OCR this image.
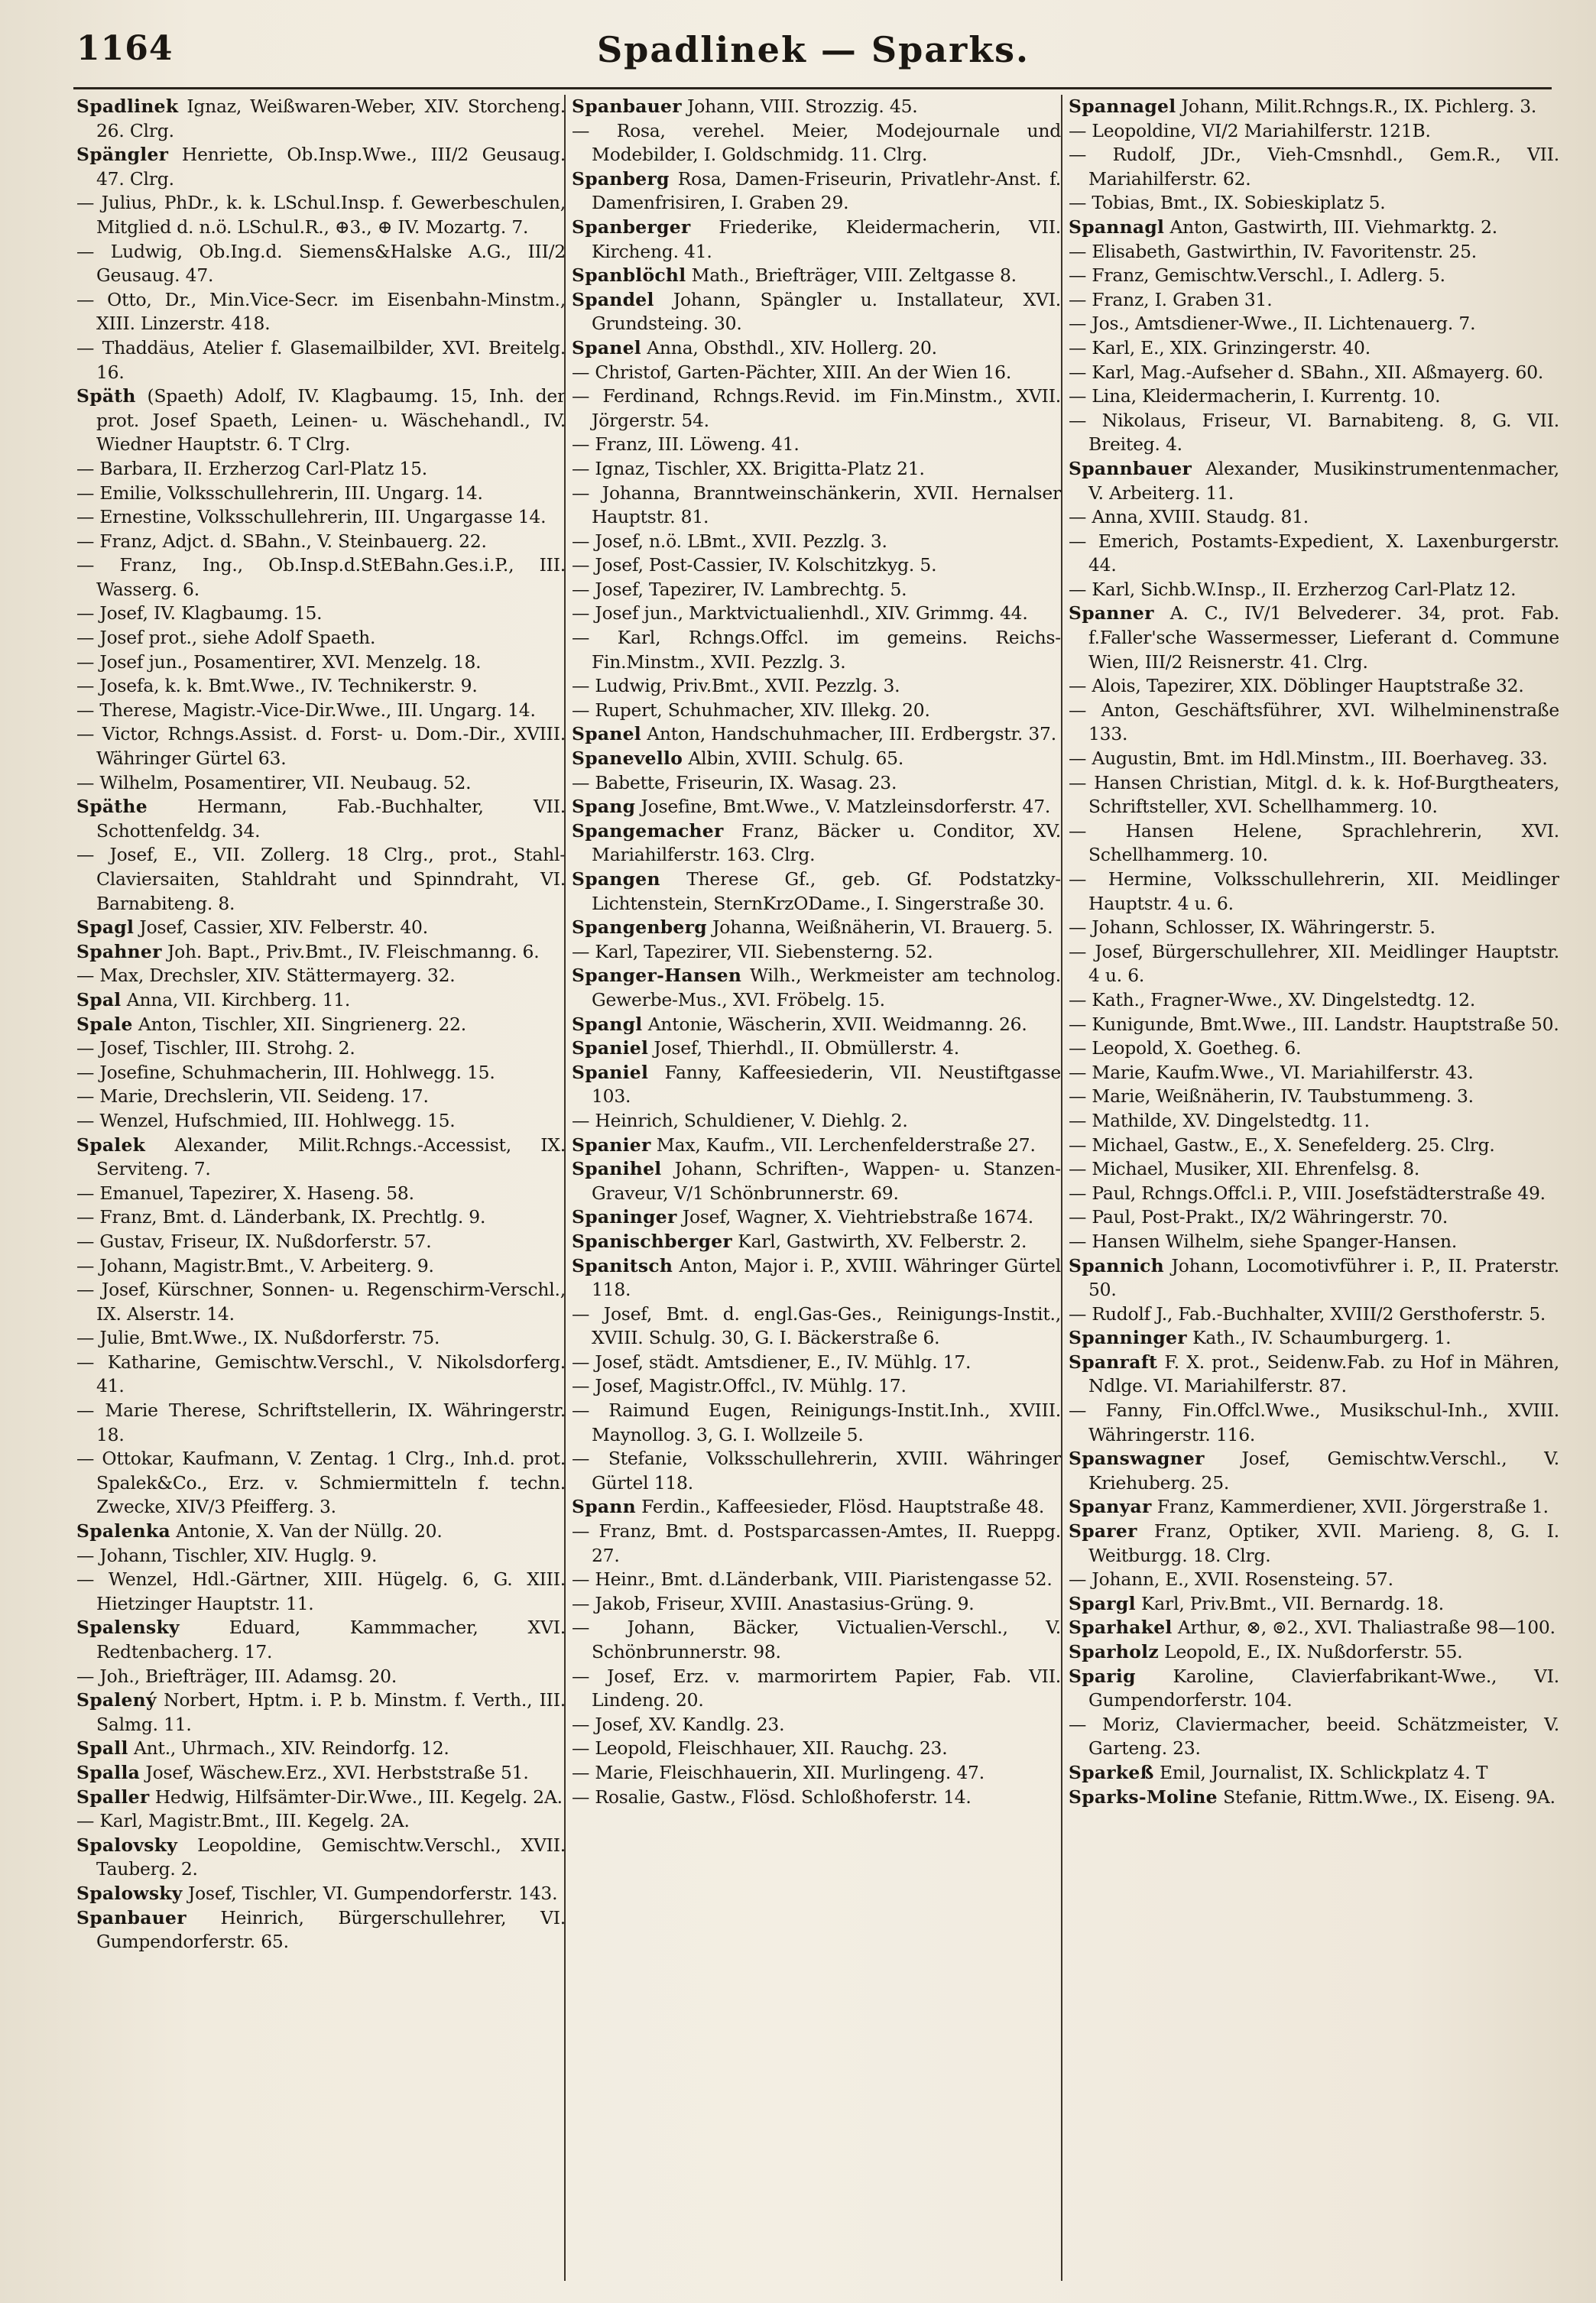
1164	Spadlinek — Sparks.

Spadlinek Ignaz, Weißwaren-Weber, XIV. Storcheng. 26. Clrg.

Spängler Henriette, Ob.Insp.Wwe., III/2 Geusaug. 47. Clrg.

— Julius, PhDr., k. k. LSchul.Insp. f. Gewerbeschulen, Mitglied d. n.ö. LSchul.R., ⊕3., ⊕ IV. Mozartg. 7.

— Ludwig, Ob.Ing.d. Siemens&Halske A.G., III/2 Geusaug. 47.

— Otto, Dr., Min.Vice-Secr. im Eisenbahn-Minstm., XIII. Linzerstr. 418.

— Thaddäus, Atelier f. Glasemailbilder, XVI. Breitelg. 16.

Späth (Spaeth) Adolf, IV. Klagbaumg. 15, Inh. der prot. Josef Spaeth, Leinen- u. Wäschehandl., IV. Wiedner Hauptstr. 6. T Clrg.

— Barbara, II. Erzherzog Carl-Platz 15.

— Emilie, Volksschullehrerin, III. Ungarg. 14.

— Ernestine, Volksschullehrerin, III. Ungargasse 14.

— Franz, Adjct. d. SBahn., V. Steinbauerg. 22.

— Franz, Ing., Ob.Insp.d.StEBahn.Ges.i.P., III. Wasserg. 6.

— Josef, IV. Klagbaumg. 15.

— Josef prot., siehe Adolf Spaeth.

— Josef jun., Posamentirer, XVI. Menzelg. 18.

— Josefa, k. k. Bmt.Wwe., IV. Technikerstr. 9.

— Therese, Magistr.-Vice-Dir.Wwe., III. Ungarg. 14.

— Victor, Rchngs.Assist. d. Forst- u. Dom.-Dir., XVIII. Währinger Gürtel 63.

— Wilhelm, Posamentirer, VII. Neubaug. 52.

Späthe	Hermann, Fab.-Buchhalter, VII. Schottenfeldg. 34.

— Josef, E., VII. Zollerg. 18 Clrg., prot., Stahl-Claviersaiten, Stahldraht und Spinndraht, VI. Barnabiteng. 8.

Spagl Josef, Cassier, XIV. Felberstr. 40.

Spahner Joh. Bapt., Priv.Bmt., IV. Fleischmanng. 6.

— Max, Drechsler, XIV. Stättermayerg. 32.

Spal Anna, VII. Kirchberg. 11.

Spale Anton, Tischler, XII. Singrienerg. 22.

— Josef, Tischler, III. Strohg. 2.

— Josefine, Schuhmacherin, III. Hohlwegg. 15.

— Marie, Drechslerin, VII. Seideng. 17.

— Wenzel, Hufschmied, III. Hohlwegg. 15.

Spalek Alexander, Milit.Rchngs.-Accessist, IX. Serviteng. 7.

— Emanuel, Tapezirer, X. Haseng. 58.

— Franz, Bmt. d. Länderbank, IX. Prechtlg. 9.

— Gustav, Friseur, IX. Nußdorferstr. 57.

— Johann, Magistr.Bmt., V. Arbeiterg. 9.

— Josef, Kürschner, Sonnen- u. Regenschirm-Verschl., IX. Alserstr. 14.

— Julie, Bmt.Wwe., IX. Nußdorferstr. 75.

— Katharine, Gemischtw.Verschl., V. Nikolsdorferg. 41.

— Marie Therese, Schriftstellerin, IX. Währingerstr. 18.

— Ottokar, Kaufmann, V. Zentag. 1 Clrg., Inh.d. prot. Spalek&Co., Erz. v. Schmiermitteln f. techn. Zwecke, XIV/3 Pfeifferg. 3.

Spalenka Antonie, X. Van der Nüllg. 20.

— Johann, Tischler, XIV. Huglg. 9.

— Wenzel, Hdl.-Gärtner, XIII. Hügelg. 6, G. XIII. Hietzinger Hauptstr. 11.

Spalensky	Eduard, Kammmacher, XVI. Redtenbacherg. 17.

— Joh., Briefträger, III. Adamsg. 20.

Spalený Norbert, Hptm. i. P. b. Minstm. f. Verth., III. Salmg. 11.

Spall Ant., Uhrmach., XIV. Reindorfg. 12.

Spalla Josef, Wäschew.Erz., XVI. Herbststraße 51.

Spaller Hedwig, Hilfsämter-Dir.Wwe., III. Kegelg. 2A.

— Karl, Magistr.Bmt., III. Kegelg. 2A.

Spalovsky Leopoldine, Gemischtw.Verschl., XVII. Tauberg. 2.

Spalowsky Josef, Tischler, VI. Gumpendorferstr. 143.

Spanbauer Heinrich, Bürgerschullehrer, VI. Gumpendorferstr. 65.

Spanbauer Johann, VIII. Strozzig. 45.

— Rosa, verehel. Meier, Modejournale und Modebilder, I. Goldschmidg. 11. Clrg.

Spanberg Rosa, Damen-Friseurin, Privatlehr-Anst. f. Damenfrisiren, I. Graben 29.

Spanberger Friederike, Kleidermacherin, VII. Kircheng. 41.

Spanblöchl Math., Briefträger, VIII. Zeltgasse 8.

Spandel Johann, Spängler u. Installateur, XVI. Grundsteing. 30.

Spanel Anna, Obsthdl., XIV. Hollerg. 20.

— Christof, Garten-Pächter, XIII. An der Wien 16.

— Ferdinand, Rchngs.Revid. im Fin.Minstm., XVII. Jörgerstr. 54.

— Franz, III. Löweng. 41.

— Ignaz, Tischler, XX. Brigitta-Platz 21.

— Johanna, Branntweinschänkerin, XVII. Hernalser Hauptstr. 81.

— Josef, n.ö. LBmt., XVII. Pezzlg. 3.

— Josef, Post-Cassier, IV. Kolschitzkyg. 5.

— Josef, Tapezirer, IV. Lambrechtg. 5.

— Josef jun., Marktvictualienhdl., XIV. Grimmg. 44.

— Karl, Rchngs.Offcl. im gemeins. Reichs-Fin.Minstm., XVII. Pezzlg. 3.

— Ludwig, Priv.Bmt., XVII. Pezzlg. 3.

— Rupert, Schuhmacher, XIV. Illekg. 20.

Spanel Anton, Handschuhmacher, III. Erdbergstr. 37.

Spanevello Albin, XVIII. Schulg. 65.

— Babette, Friseurin, IX. Wasag. 23.

Spang Josefine, Bmt.Wwe., V. Matzleinsdorferstr. 47.

Spangemacher Franz, Bäcker u. Conditor, XV. Mariahilferstr. 163. Clrg.

Spangen Therese Gf., geb. Gf. Podstatzky-Lichtenstein, SternKrzODame., I. Singerstraße 30.

Spangenberg Johanna, Weißnäherin, VI. Brauerg. 5.

— Karl, Tapezirer, VII. Siebensterng. 52.

Spanger-Hansen Wilh., Werkmeister am technolog. Gewerbe-Mus., XVI. Fröbelg. 15.

Spangl Antonie, Wäscherin, XVII. Weidmanng. 26.

Spaniel Josef, Thierhdl., II. Obmüllerstr. 4.

Spaniel Fanny, Kaffeesiederin, VII. Neustiftgasse 103.

— Heinrich, Schuldiener, V. Diehlg. 2.

Spanier Max, Kaufm., VII. Lerchenfelderstraße 27.

Spanihel Johann, Schriften-, Wappen- u. Stanzen-Graveur, V/1 Schönbrunnerstr. 69.

Spaninger Josef, Wagner, X. Viehtriebstraße 1674.

Spanischberger Karl, Gastwirth, XV. Felberstr. 2.

Spanitsch Anton, Major i. P., XVIII. Währinger Gürtel 118.

— Josef, Bmt. d. engl.Gas-Ges., Reinigungs-Instit., XVIII. Schulg. 30, G. I. Bäckerstraße 6.

— Josef, städt. Amtsdiener, E., IV. Mühlg. 17.

— Josef, Magistr.Offcl., IV. Mühlg. 17.

— Raimund Eugen, Reinigungs-Instit.Inh., XVIII. Maynollog. 3, G. I. Wollzeile 5.

— Stefanie, Volksschullehrerin, XVIII. Währinger Gürtel 118.

Spann Ferdin., Kaffeesieder, Flösd. Hauptstraße 48.

— Franz, Bmt. d. Postsparcassen-Amtes, II. Rueppg. 27.

— Heinr., Bmt. d.Länderbank, VIII. Piaristengasse 52.

— Jakob, Friseur, XVIII. Anastasius-Grüng. 9.

— Johann, Bäcker, Victualien-Verschl., V. Schönbrunnerstr. 98.

— Josef, Erz. v. marmorirtem Papier, Fab. VII. Lindeng. 20.

— Josef, XV. Kandlg. 23.

— Leopold, Fleischhauer, XII. Rauchg. 23.

— Marie, Fleischhauerin, XII. Murlingeng. 47.

— Rosalie, Gastw., Flösd. Schloßhoferstr. 14.

Spannagel Johann, Milit.Rchngs.R., IX. Pichlerg. 3.

— Leopoldine, VI/2 Mariahilferstr. 121B.

— Rudolf, JDr., Vieh-Cmsnhdl., Gem.R., VII. Mariahilferstr. 62.

— Tobias, Bmt., IX. Sobieskiplatz 5.

Spannagl Anton, Gastwirth, III. Viehmarktg. 2.

— Elisabeth, Gastwirthin, IV. Favoritenstr. 25.

— Franz, Gemischtw.Verschl., I. Adlerg. 5.

— Franz, I. Graben 31.

— Jos., Amtsdiener-Wwe., II. Lichtenauerg. 7.

— Karl, E., XIX. Grinzingerstr. 40.

— Karl, Mag.-Aufseher d. SBahn., XII. Aßmayerg. 60.

— Lina, Kleidermacherin, I. Kurrentg. 10.

— Nikolaus, Friseur, VI. Barnabiteng. 8, G. VII. Breiteg. 4.

Spannbauer Alexander, Musikinstrumentenmacher, V. Arbeiterg. 11.

— Anna, XVIII. Staudg. 81.

— Emerich, Postamts-Expedient, X. Laxenburgerstr. 44.

— Karl, Sichb.W.Insp., II. Erzherzog Carl-Platz 12.

Spanner A. C., IV/1 Belvederег. 34, prot. Fab. f.Faller'sche Wassermesser, Lieferant d. Commune Wien, III/2 Reisnerstr. 41. Clrg.

— Alois, Tapezirer, XIX. Döblinger Hauptstraße 32.

— Anton, Geschäftsführer, XVI. Wilhelminenstraße 133.

— Augustin, Bmt. im Hdl.Minstm., III. Boerhaveg. 33.

— Hansen Christian, Mitgl. d. k. k. Hof-Burgtheaters, Schriftsteller, XVI. Schellhammerg. 10.

— Hansen Helene, Sprachlehrerin, XVI. Schellhammerg. 10.

— Hermine, Volksschullehrerin, XII. Meidlinger Hauptstr. 4 u. 6.

— Johann, Schlosser, IX. Währingerstr. 5.

— Josef, Bürgerschullehrer, XII. Meidlinger Hauptstr. 4 u. 6.

— Kath., Fragner-Wwe., XV. Dingelstedtg. 12.

— Kunigunde, Bmt.Wwe., III. Landstr. Hauptstraße 50.

— Leopold, X. Goetheg. 6.

— Marie, Kaufm.Wwe., VI. Mariahilferstr. 43.

— Marie, Weißnäherin, IV. Taubstummeng. 3.

— Mathilde, XV. Dingelstedtg. 11.

— Michael, Gastw., E., X. Senefelderg. 25. Clrg.

— Michael, Musiker, XII. Ehrenfelsg. 8.

— Paul, Rchngs.Offcl.i. P., VIII. Josefstädterstraße 49.

— Paul, Post-Prakt., IX/2 Währingerstr. 70.

— Hansen Wilhelm, siehe Spanger-Hansen.

Spannich Johann, Locomotivführer i. P., II. Praterstr. 50.

— Rudolf J., Fab.-Buchhalter, XVIII/2 Gersthoferstr. 5.

Spanninger Kath., IV. Schaumburgerg. 1.

Spanraft F. X. prot., Seidenw.Fab. zu Hof in Mähren, Ndlge. VI. Mariahilferstr. 87.

— Fanny, Fin.Offcl.Wwe., Musikschul-Inh., XVIII. Währingerstr. 116.

Spanswagner Josef, Gemischtw.Verschl., V. Kriehuberg. 25.

Spanyar Franz, Kammerdiener, XVII. Jörgerstraße 1.

Sparer Franz, Optiker, XVII. Marieng. 8, G. I. Weitburgg. 18. Clrg.

— Johann, E., XVII. Rosensteing. 57.

Spargl Karl, Priv.Bmt., VII. Bernardg. 18.

Sparhakel Arthur, ⊗, ⊚2., XVI. Thaliastraße 98—100.

Sparholz Leopold, E., IX. Nußdorferstr. 55.

Sparig Karoline, Clavierfabrikant-Wwe., VI. Gumpendorferstr. 104.

— Moriz, Claviermacher, beeid. Schätzmeister, V. Garteng. 23.

Sparkeß Emil, Journalist, IX. Schlickplatz 4. T

Sparks-Moline Stefanie, Rittm.Wwe., IX. Eiseng. 9A.
